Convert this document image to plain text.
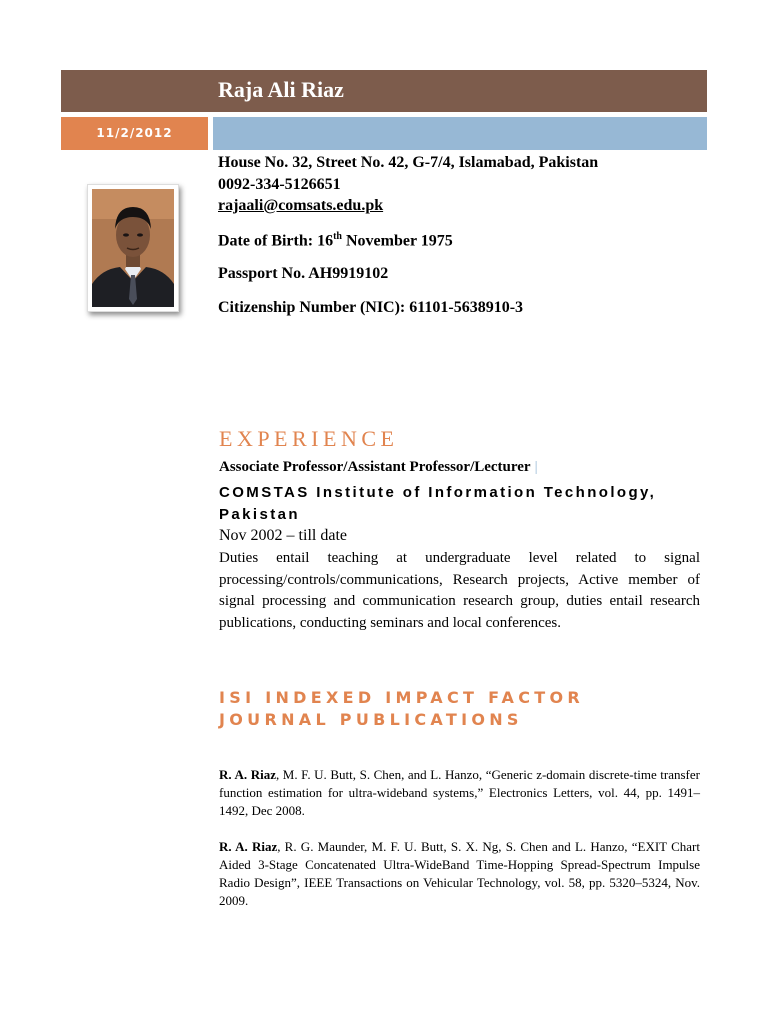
Raja Ali Riaz
11/2/2012
House No. 32, Street No. 42, G-7/4, Islamabad, Pakistan
0092-334-5126651
rajaali@comsats.edu.pk
Date of Birth: 16th November 1975
Passport No. AH9919102
Citizenship Number (NIC): 61101-5638910-3
EXPERIENCE
Associate Professor/Assistant Professor/Lecturer |
COMSTAS Institute of Information Technology, Pakistan
Nov 2002 – till date
Duties entail teaching at undergraduate level related to signal processing/controls/communications, Research projects, Active member of signal processing and communication research group, duties entail research publications, conducting seminars and local conferences.
ISI INDEXED IMPACT FACTOR JOURNAL PUBLICATIONS
R. A. Riaz, M. F. U. Butt, S. Chen, and L. Hanzo, “Generic z-domain discrete-time transfer function estimation for ultra-wideband systems,” Electronics Letters, vol. 44, pp. 1491–1492, Dec 2008.
R. A. Riaz, R. G. Maunder, M. F. U. Butt, S. X. Ng, S. Chen and L. Hanzo, “EXIT Chart Aided 3-Stage Concatenated Ultra-WideBand Time-Hopping Spread-Spectrum Impulse Radio Design”, IEEE Transactions on Vehicular Technology, vol. 58, pp. 5320–5324, Nov. 2009.
